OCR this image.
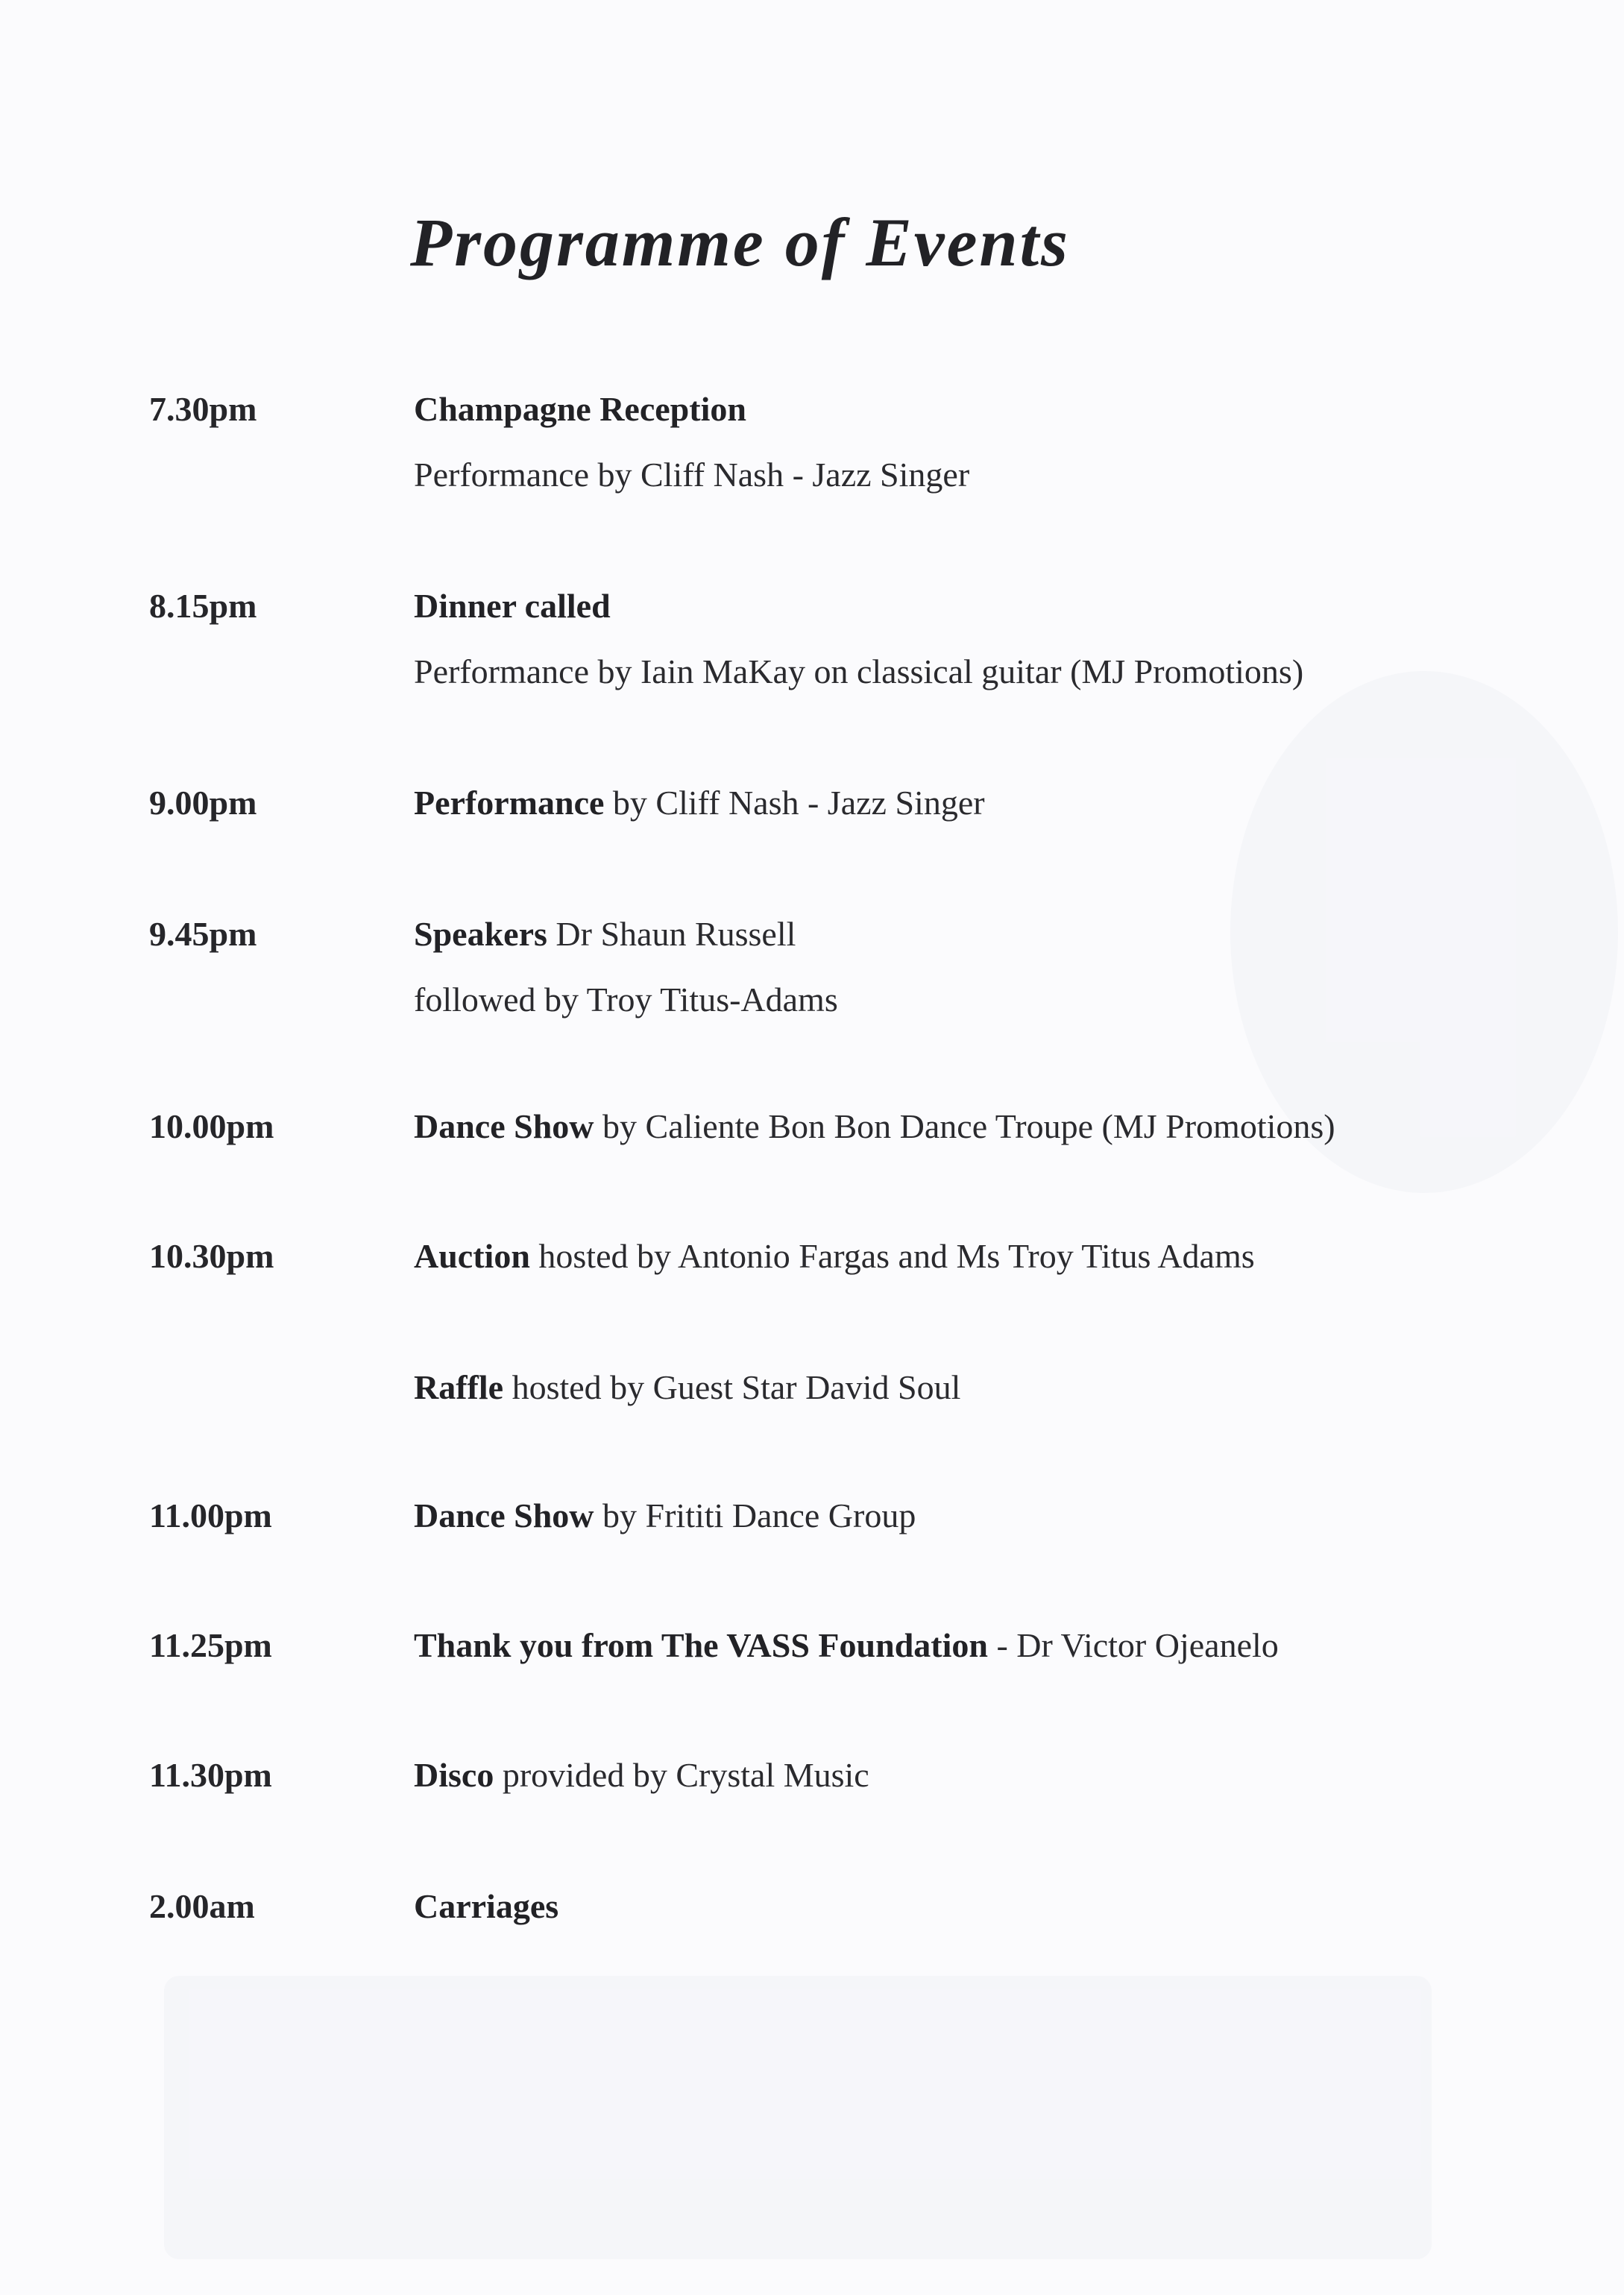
Programme of Events
7.30pm	Champagne Reception
Performance by Cliff Nash - Jazz Singer
8.15pm	Dinner called
Performance by Iain MaKay on classical guitar (MJ Promotions)
9.00pm	Performance by Cliff Nash - Jazz Singer
9.45pm	Speakers Dr Shaun Russell
followed by Troy Titus-Adams
10.00pm	Dance Show by Caliente Bon Bon Dance Troupe (MJ Promotions)
10.30pm	Auction hosted by Antonio Fargas and Ms Troy Titus Adams
Raffle hosted by Guest Star David Soul
11.00pm	Dance Show by Frititi Dance Group
11.25pm	Thank you from The VASS Foundation - Dr Victor Ojeanelo
11.30pm	Disco provided by Crystal Music
2.00am	Carriages
